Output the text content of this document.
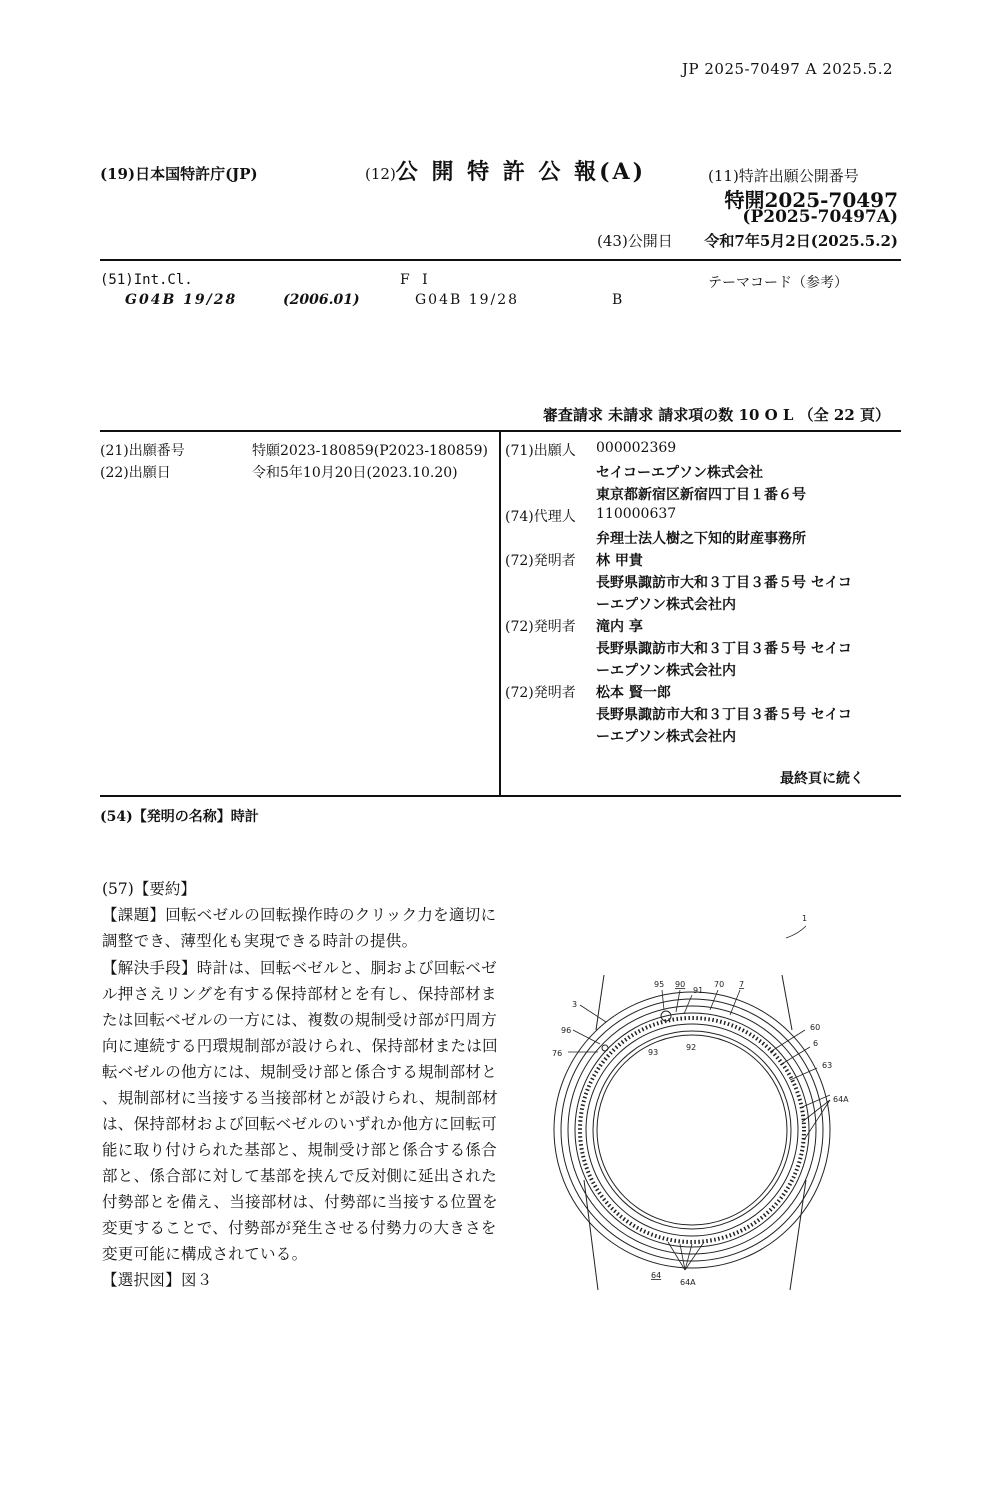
JP 2025-70497 A 2025.5.2
(19)日本国特許庁(JP)	(12)公 開 特 許 公 報(A)	(11)特許出願公開番号
特開2025-70497
(P2025-70497A)
(43)公開日 令和7年5月2日(2025.5.2)
(51)Int.Cl.	F I	テーマコード（参考）
G04B 19/28	(2006.01)	G04B 19/28	B
審査請求 未請求 請求項の数 10 O L （全 22 頁）
(21)出願番号	特願2023-180859(P2023-180859)
(22)出願日	令和5年10月20日(2023.10.20)
(71)出願人 000002369
セイコーエプソン株式会社
東京都新宿区新宿四丁目１番６号
(74)代理人 110000637
弁理士法人樹之下知的財産事務所
(72)発明者 林 甲貴
長野県諏訪市大和３丁目３番５号 セイコ
ーエプソン株式会社内
(72)発明者 滝内 享
長野県諏訪市大和３丁目３番５号 セイコ
ーエプソン株式会社内
(72)発明者 松本 賢一郎
長野県諏訪市大和３丁目３番５号 セイコ
ーエプソン株式会社内
最終頁に続く
(54)【発明の名称】時計
(57)【要約】
【課題】回転ベゼルの回転操作時のクリック力を適切に
調整でき、薄型化も実現できる時計の提供。
【解決手段】時計は、回転ベゼルと、胴および回転ベゼ
ル押さえリングを有する保持部材とを有し、保持部材ま
たは回転ベゼルの一方には、複数の規制受け部が円周方
向に連続する円環規制部が設けられ、保持部材または回
転ベゼルの他方には、規制受け部と係合する規制部材と
、規制部材に当接する当接部材とが設けられ、規制部材
は、保持部材および回転ベゼルのいずれか他方に回転可
能に取り付けられた基部と、規制受け部と係合する係合
部と、係合部に対して基部を挟んで反対側に延出された
付勢部とを備え、当接部材は、付勢部に当接する位置を
変更することで、付勢部が発生させる付勢力の大きさを
変更可能に構成されている。
【選択図】図３
1
95 90
91
70 7
3
96
76	93
92
60
6
63
64A
64
64A
